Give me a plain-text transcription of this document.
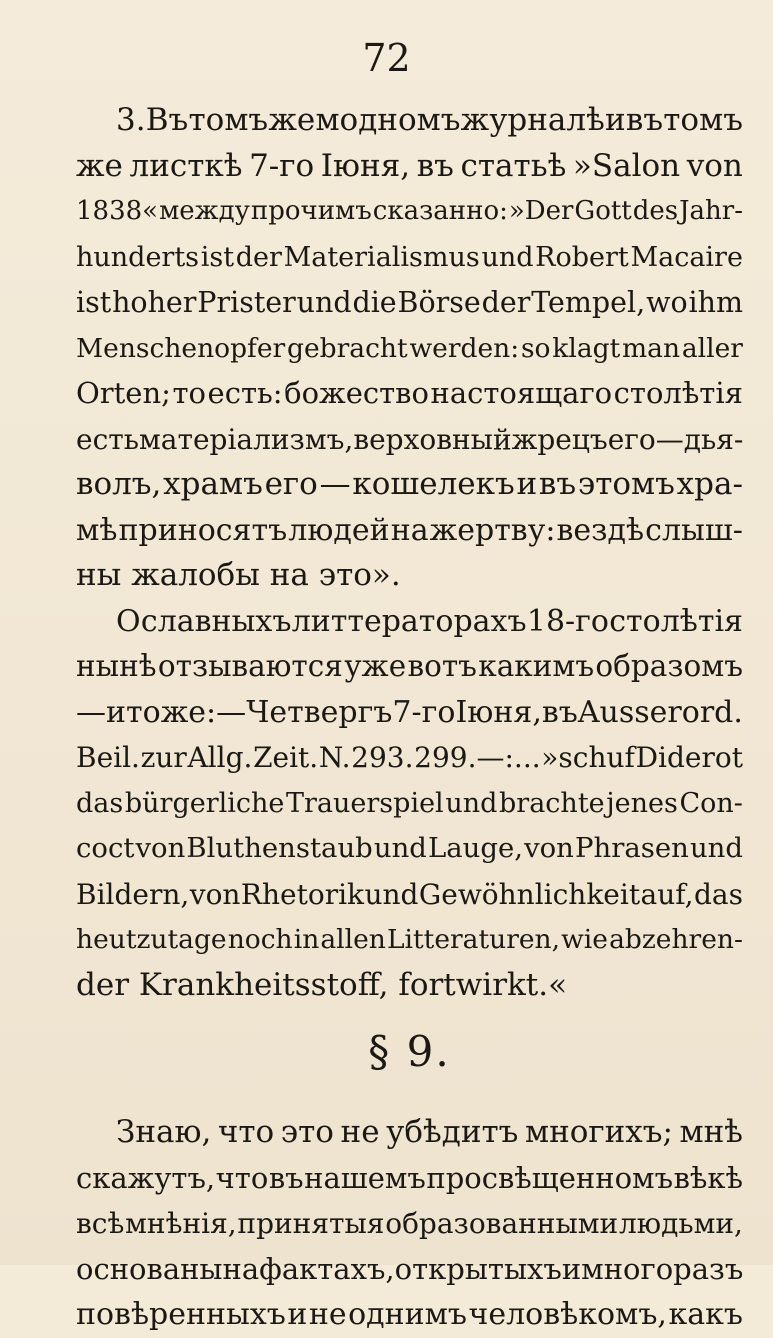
72
3. Въ томъ же модномъ журналѣ и въ томъ
же листкѣ 7-го Іюня, въ статьѣ »Salon von
1838« между прочимъ сказанно: »Der Gott des Jahr-
hunderts ist der Materialismus und Robert Macaire
ist hoher Prister und die Börse der Tempel, wo ihm
Menschenopfer gebracht werden: so klagt man aller
Orten; то есть: божество настоящаго столѣтія
есть матеріализмъ, верховный жрецъ его—дья-
волъ, храмъ его — кошелекъ и въ этомъ хра-
мѣ приносятъ людей на жертву: вездѣ слыш-
ны жалобы на это».
О славныхъ литтераторахъ 18-го столѣтія
нынѣ отзываются уже вотъ какимъ образомъ
— и тоже: — Четвергъ 7-го Іюня, въ Ausserord.
Beil. zur Allg. Zeit. N. 293. 299.—:... »schuf Diderot
das bürgerliche Trauerspiel und brachte jenes Con-
coct von Bluthenstaub und Lauge, von Phrasen und
Bildern, von Rhetorik und Gewöhnlichkeit auf, das
heutzutage noch in allen Litteraturen, wie abzehren-
der Krankheitsstoff, fortwirkt.«
§ 9.
Знаю, что это не убѣдитъ многихъ; мнѣ
скажутъ, что въ нашемъ просвѣщенномъ вѣкѣ
всѣ мнѣнія, принятыя образованными людьми,
основаны на фактахъ, открытыхъ и много разъ
повѣренныхъ и не однимъ человѣкомъ, какъ
